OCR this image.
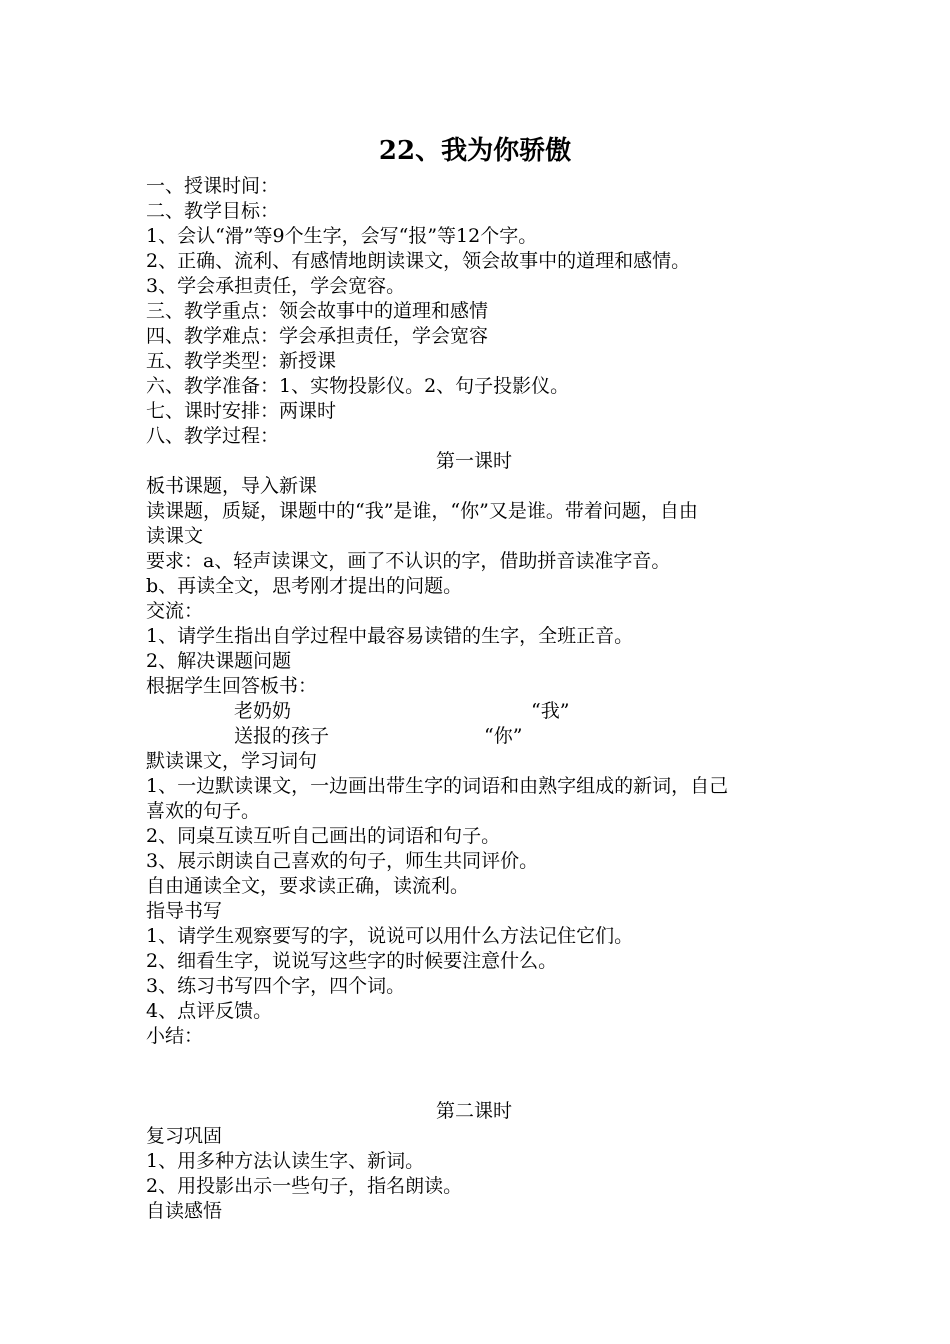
22、我为你骄傲
一、授课时间：
二、教学目标：
1、会认“滑”等9个生字，会写“报”等12个字。
2、正确、流利、有感情地朗读课文，领会故事中的道理和感情。
3、学会承担责任，学会宽容。
三、教学重点：领会故事中的道理和感情
四、教学难点：学会承担责任，学会宽容
五、教学类型：新授课
六、教学准备：1、实物投影仪。2、句子投影仪。
七、课时安排：两课时
八、教学过程：
第一课时
板书课题，导入新课
读课题，质疑，课题中的“我”是谁，“你”又是谁。带着问题，自由
读课文
要求：a、轻声读课文，画了不认识的字，借助拼音读准字音。
b、再读全文，思考刚才提出的问题。
交流：
1、请学生指出自学过程中最容易读错的生字，全班正音。
2、解决课题问题
根据学生回答板书：
老奶奶	“我”
送报的孩子	“你”
默读课文，学习词句
1、一边默读课文，一边画出带生字的词语和由熟字组成的新词，自己
喜欢的句子。
2、同桌互读互听自己画出的词语和句子。
3、展示朗读自己喜欢的句子，师生共同评价。
自由通读全文，要求读正确，读流利。
指导书写
1、请学生观察要写的字，说说可以用什么方法记住它们。
2、细看生字，说说写这些字的时候要注意什么。
3、练习书写四个字，四个词。
4、点评反馈。
小结：
第二课时
复习巩固
1、用多种方法认读生字、新词。
2、用投影出示一些句子，指名朗读。
自读感悟
